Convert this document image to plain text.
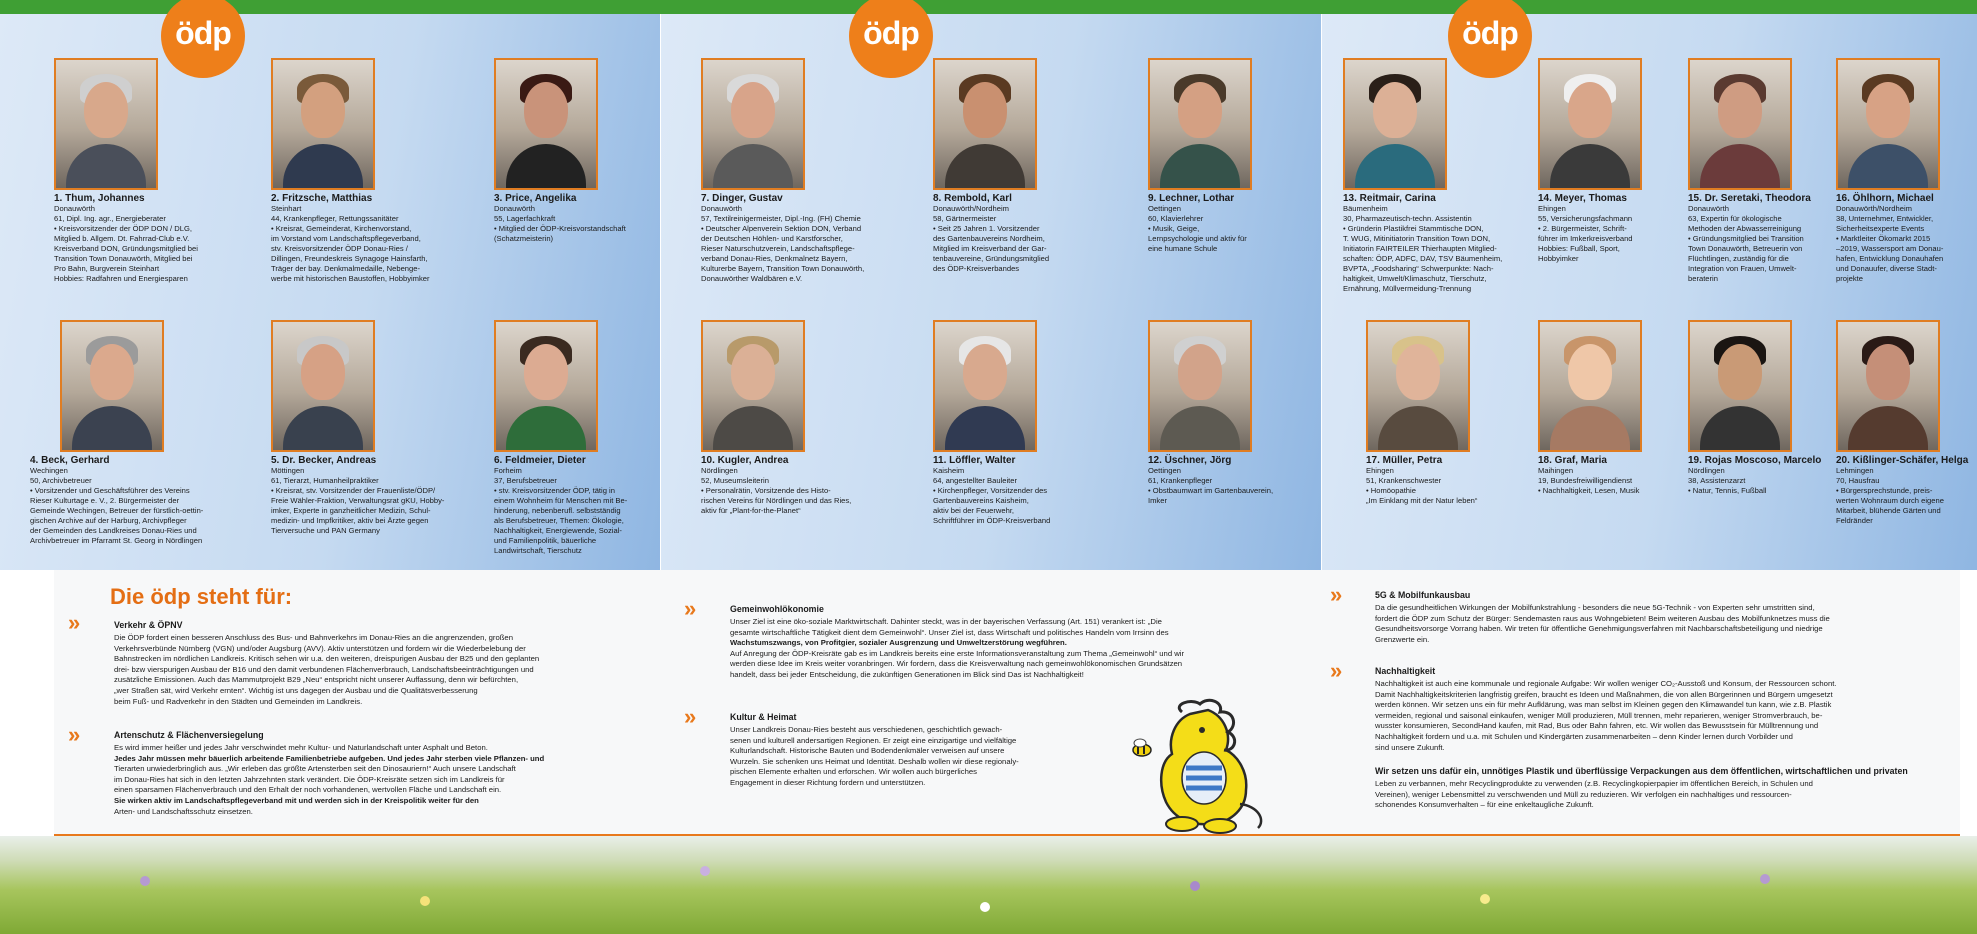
ödp	ödp	ödp
1. Thum, Johannes
Donauwörth
61, Dipl. Ing. agr., Energieberater
• Kreisvorsitzender der ÖDP DON / DLG,
Mitglied b. Allgem. Dt. Fahrrad-Club e.V.
Kreisverband DON, Gründungsmitglied bei
Transition Town Donauwörth, Mitglied bei
Pro Bahn, Burgverein Steinhart
Hobbies: Radfahren und Energiesparen
2. Fritzsche, Matthias
Steinhart
44, Krankenpfleger, Rettungssanitäter
• Kreisrat, Gemeinderat, Kirchenvorstand,
im Vorstand vom Landschaftspflegeverband,
stv. Kreisvorsitzender ÖDP Donau-Ries /
Dillingen, Freundeskreis Synagoge Hainsfarth,
Träger der bay. Denkmalmedaille, Nebenge-
werbe mit historischen Baustoffen, Hobbyimker
3. Price, Angelika
Donauwörth
55, Lagerfachkraft
• Mitglied der ÖDP-Kreisvorstandschaft
(Schatzmeisterin)
4. Beck, Gerhard
Wechingen
50, Archivbetreuer
• Vorsitzender und Geschäftsführer des Vereins
Rieser Kulturtage e. V., 2. Bürgermeister der
Gemeinde Wechingen, Betreuer der fürstlich-oettin-
gischen Archive auf der Harburg, Archivpfleger
der Gemeinden des Landkreises Donau-Ries und
Archivbetreuer im Pfarramt St. Georg in Nördlingen
5. Dr. Becker, Andreas
Möttingen
61, Tierarzt, Humanheilpraktiker
• Kreisrat, stv. Vorsitzender der Frauenliste/ÖDP/
Freie Wähler-Fraktion, Verwaltungsrat gKU, Hobby-
imker, Experte in ganzheitlicher Medizin, Schul-
medizin- und Impfkritiker, aktiv bei Ärzte gegen
Tierversuche und PAN Germany
6. Feldmeier, Dieter
Forheim
37, Berufsbetreuer
• stv. Kreisvorsitzender ÖDP, tätig in
einem Wohnheim für Menschen mit Be-
hinderung, nebenberufl. selbstständig
als Berufsbetreuer, Themen: Ökologie,
Nachhaltigkeit, Energiewende, Sozial-
und Familienpolitik, bäuerliche
Landwirtschaft, Tierschutz
7. Dinger, Gustav
Donauwörth
57, Textilreinigermeister, Dipl.-Ing. (FH) Chemie
• Deutscher Alpenverein Sektion DON, Verband
der Deutschen Höhlen- und Karstforscher,
Rieser Naturschutzverein, Landschaftspflege-
verband Donau-Ries, Denkmalnetz Bayern,
Kulturerbe Bayern, Transition Town Donauwörth,
Donauwörther Waldbären e.V.
8. Rembold, Karl
Donauwörth/Nordheim
58, Gärtnermeister
• Seit 25 Jahren 1. Vorsitzender
des Gartenbauvereins Nordheim,
Mitglied im Kreisverband der Gar-
tenbauvereine, Gründungsmitglied
des ÖDP-Kreisverbandes
9. Lechner, Lothar
Oettingen
60, Klavierlehrer
• Musik, Geige,
Lernpsychologie und aktiv für
eine humane Schule
10. Kugler, Andrea
Nördlingen
52, Museumsleiterin
• Personalrätin, Vorsitzende des Histo-
rischen Vereins für Nördlingen und das Ries,
aktiv für „Plant-for-the-Planet“
11. Löffler, Walter
Kaisheim
64, angestellter Bauleiter
• Kirchenpfleger, Vorsitzender des
Gartenbauvereins Kaisheim,
aktiv bei der Feuerwehr,
Schriftführer im ÖDP-Kreisverband
12. Üschner, Jörg
Oettingen
61, Krankenpfleger
• Obstbaumwart im Gartenbauverein,
Imker
13. Reitmair, Carina
Bäumenheim
30, Pharmazeutisch-techn. Assistentin
• Gründerin Plastikfrei Stammtische DON,
T. WUG, Mitinitiatorin Transition Town DON,
Initiatorin FAIRTEILER Thierhaupten Mitglied-
schaften: ÖDP, ADFC, DAV, TSV Bäumenheim,
BVPTA, „Foodsharing“ Schwerpunkte: Nach-
haltigkeit, Umwelt/Klimaschutz, Tierschutz,
Ernährung, Müllvermeidung-Trennung
14. Meyer, Thomas
Ehingen
55, Versicherungsfachmann
• 2. Bürgermeister, Schrift-
führer im Imkerkreisverband
Hobbies: Fußball, Sport,
Hobbyimker
15. Dr. Seretaki, Theodora
Donauwörth
63, Expertin für ökologische
Methoden der Abwasserreinigung
• Gründungsmitglied bei Transition
Town Donauwörth, Betreuerin von
Flüchtlingen, zuständig für die
Integration von Frauen, Umwelt-
beraterin
16. Öhlhorn, Michael
Donauwörth/Nordheim
38, Unternehmer, Entwickler,
Sicherheitsexperte Events
• Marktleiter Ökomarkt 2015
–2019, Wassersport am Donau-
hafen, Entwicklung Donauhafen
und Donauufer, diverse Stadt-
projekte
17. Müller, Petra
Ehingen
51, Krankenschwester
• Homöopathie
„Im Einklang mit der Natur leben“
18. Graf, Maria
Maihingen
19, Bundesfreiwilligendienst
• Nachhaltigkeit, Lesen, Musik
19. Rojas Moscoso, Marcelo
Nördlingen
38, Assistenzarzt
• Natur, Tennis, Fußball
20. Kißlinger-Schäfer, Helga
Lehmingen
70, Hausfrau
• Bürgersprechstunde, preis-
werten Wohnraum durch eigene
Mitarbeit, blühende Gärten und
Feldränder
Die ödp steht für:
»	Verkehr & ÖPNV
Die ÖDP fordert einen besseren Anschluss des Bus- und Bahnverkehrs im Donau-Ries an die angrenzenden, großen
Verkehrsverbünde Nürnberg (VGN) und/oder Augsburg (AVV). Aktiv unterstützen und fordern wir die Wiederbelebung der
Bahnstrecken im nördlichen Landkreis. Kritisch sehen wir u.a. den weiteren, dreispurigen Ausbau der B25 und den geplanten
drei- bzw vierspurigen Ausbau der B16 und den damit verbundenen Flächenverbrauch, Landschaftsbeeinträchtigungen und
zusätzliche Emissionen. Auch das Mammutprojekt B29 „Neu“ entspricht nicht unserer Auffassung, denn wir befürchten,
„wer Straßen sät, wird Verkehr ernten“. Wichtig ist uns dagegen der Ausbau und die Qualitätsverbesserung
beim Fuß- und Radverkehr in den Städten und Gemeinden im Landkreis.
»	Artenschutz & Flächenversiegelung
Es wird immer heißer und jedes Jahr verschwindet mehr Kultur- und Naturlandschaft unter Asphalt und Beton.
Jedes Jahr müssen mehr bäuerlich arbeitende Familienbetriebe aufgeben. Und jedes Jahr sterben viele Pflanzen- und
Tierarten unwiederbringlich aus. „Wir erleben das größte Artensterben seit den Dinosauriern!“ Auch unsere Landschaft
im Donau-Ries hat sich in den letzten Jahrzehnten stark verändert. Die ÖDP-Kreisräte setzen sich im Landkreis für
einen sparsamen Flächenverbrauch und den Erhalt der noch vorhandenen, wertvollen Fläche und Landschaft ein.
Sie wirken aktiv im Landschaftspflegeverband mit und werden sich in der Kreispolitik weiter für den
Arten- und Landschaftsschutz einsetzen.
»	Gemeinwohlökonomie
Unser Ziel ist eine öko-soziale Marktwirtschaft. Dahinter steckt, was in der bayerischen Verfassung (Art. 151) verankert ist: „Die
gesamte wirtschaftliche Tätigkeit dient dem Gemeinwohl“. Unser Ziel ist, dass Wirtschaft und politisches Handeln vom Irrsinn des
Wachstumszwangs, von Profitgier, sozialer Ausgrenzung und Umweltzerstörung wegführen.
Auf Anregung der ÖDP-Kreisräte gab es im Landkreis bereits eine erste Informationsveranstaltung zum Thema „Gemeinwohl“ und wir
werden diese Idee im Kreis weiter voranbringen. Wir fordern, dass die Kreisverwaltung nach gemeinwohlökonomischen Grundsätzen
handelt, dass bei jeder Entscheidung, die zukünftigen Generationen im Blick sind Das ist Nachhaltigkeit!
»	Kultur & Heimat
Unser Landkreis Donau-Ries besteht aus verschiedenen, geschichtlich gewach-
senen und kulturell andersartigen Regionen. Er zeigt eine einzigartige und vielfältige
Kulturlandschaft. Historische Bauten und Bodendenkmäler verweisen auf unsere
Wurzeln. Sie schenken uns Heimat und Identität. Deshalb wollen wir diese regionaly-
pischen Elemente erhalten und erforschen. Wir wollen auch bürgerliches
Engagement in dieser Richtung fordern und unterstützen.
»	5G & Mobilfunkausbau
Da die gesundheitlichen Wirkungen der Mobilfunkstrahlung - besonders die neue 5G-Technik - von Experten sehr umstritten sind,
fordert die ÖDP zum Schutz der Bürger: Sendemasten raus aus Wohngebieten! Beim weiteren Ausbau des Mobilfunknetzes muss die
Gesundheitsvorsorge Vorrang haben. Wir treten für öffentliche Genehmigungsverfahren mit Nachbarschaftsbeteiligung und niedrige
Grenzwerte ein.
»	Nachhaltigkeit
Nachhaltigkeit ist auch eine kommunale und regionale Aufgabe: Wir wollen weniger CO₂-Ausstoß und Konsum, der Ressourcen schont.
Damit Nachhaltigkeitskriterien langfristig greifen, braucht es Ideen und Maßnahmen, die von allen Bürgerinnen und Bürgern umgesetzt
werden können. Wir setzen uns ein für mehr Aufklärung, was man selbst im Kleinen gegen den Klimawandel tun kann, wie z.B. Plastik
vermeiden, regional und saisonal einkaufen, weniger Müll produzieren, Müll trennen, mehr reparieren, weniger Stromverbrauch, be-
wusster konsumieren, SecondHand kaufen, mit Rad, Bus oder Bahn fahren, etc. Wir wollen das Bewusstsein für Mülltrennung und
Nachhaltigkeit fordern und u.a. mit Schulen und Kindergärten zusammenarbeiten – denn Kinder lernen durch Vorbilder und
sind unsere Zukunft.
Wir setzen uns dafür ein, unnötiges Plastik und überflüssige Verpackungen aus dem öffentlichen, wirtschaftlichen und privaten
Leben zu verbannen, mehr Recyclingprodukte zu verwenden (z.B. Recyclingkopierpapier im öffentlichen Bereich, in Schulen und
Vereinen), weniger Lebensmittel zu verschwenden und Müll zu reduzieren. Wir verfolgen ein nachhaltiges und ressourcen-
schonendes Konsumverhalten – für eine enkeltaugliche Zukunft.
